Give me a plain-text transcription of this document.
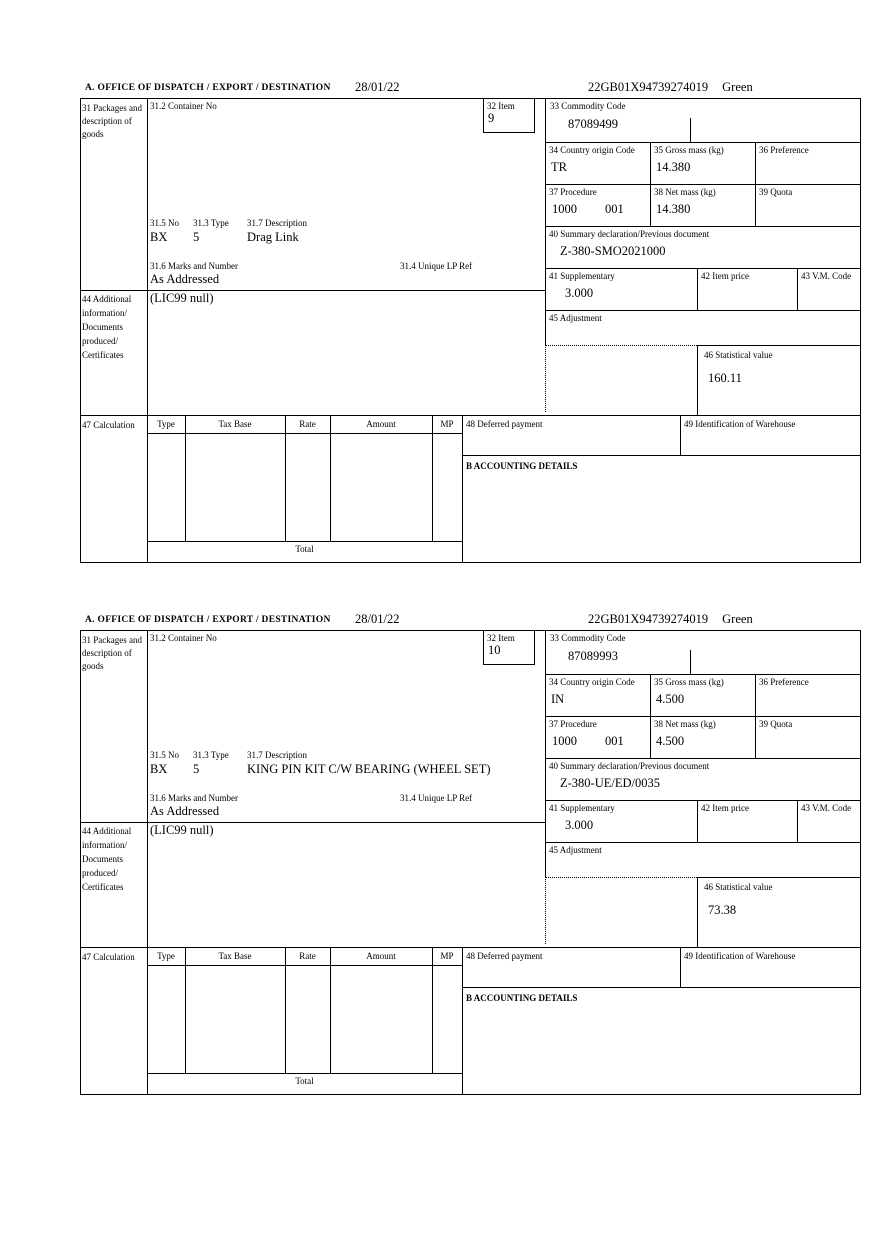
A. OFFICE OF DISPATCH / EXPORT / DESTINATION 28/01/22	22GB01X94739274019 Green
31 Packages and description of goods
31.2 Container No	32 Item
9
33 Commodity Code
87089499
34 Country origin Code
TR
35 Gross mass (kg)
14.380
36 Preference
37 Procedure
1000 001
38 Net mass (kg)
14.380
39 Quota
40 Summary declaration/Previous document
Z-380-SMO2021000
41 Supplementary
3.000
42 Item price	43 V.M. Code
45 Adjustment
46 Statistical value
160.11
31.5 No 31.3 Type 31.7 Description
BX 5	Drag Link
31.6 Marks and Number	31.4 Unique LP Ref
As Addressed
44 Additional information/ Documents produced/ Certificates
(LIC99 null)
47 Calculation	Type	Tax Base	Rate	Amount	MP
Total
48 Deferred payment	49 Identification of Warehouse
B ACCOUNTING DETAILS
A. OFFICE OF DISPATCH / EXPORT / DESTINATION 28/01/22	22GB01X94739274019 Green
31 Packages and description of goods
31.2 Container No	32 Item
10
33 Commodity Code
87089993
34 Country origin Code
IN
35 Gross mass (kg)
4.500
36 Preference
37 Procedure
1000 001
38 Net mass (kg)
4.500
39 Quota
40 Summary declaration/Previous document
Z-380-UE/ED/0035
41 Supplementary
3.000
42 Item price	43 V.M. Code
45 Adjustment
46 Statistical value
73.38
31.5 No 31.3 Type 31.7 Description
BX 5	KING PIN KIT C/W BEARING (WHEEL SET)
31.6 Marks and Number	31.4 Unique LP Ref
As Addressed
44 Additional information/ Documents produced/ Certificates
(LIC99 null)
47 Calculation	Type	Tax Base	Rate	Amount	MP
Total
48 Deferred payment	49 Identification of Warehouse
B ACCOUNTING DETAILS
